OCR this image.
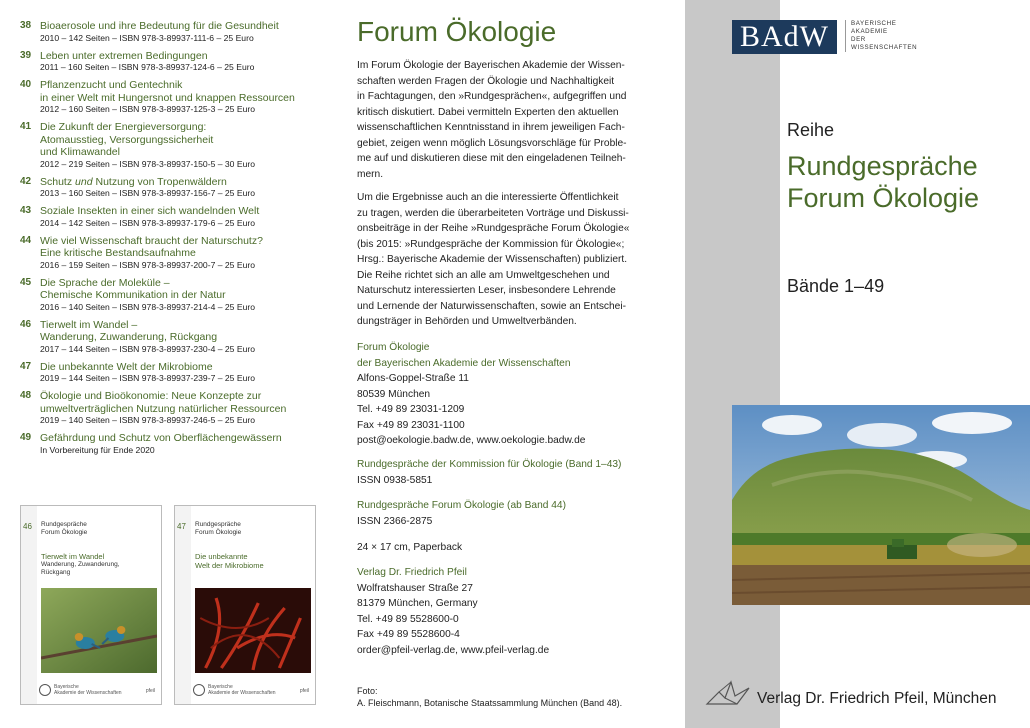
38 Bioaerosole und ihre Bedeutung für die Gesundheit
2010 – 142 Seiten – ISBN 978-3-89937-111-6 – 25 Euro
39 Leben unter extremen Bedingungen
2011 – 160 Seiten – ISBN 978-3-89937-124-6 – 25 Euro
40 Pflanzenzucht und Gentechnik
in einer Welt mit Hungersnot und knappen Ressourcen
2012 – 160 Seiten – ISBN 978-3-89937-125-3 – 25 Euro
41 Die Zukunft der Energieversorgung:
Atomausstieg, Versorgungssicherheit
und Klimawandel
2012 – 219 Seiten – ISBN 978-3-89937-150-5 – 30 Euro
42 Schutz und Nutzung von Tropenwäldern
2013 – 160 Seiten – ISBN 978-3-89937-156-7 – 25 Euro
43 Soziale Insekten in einer sich wandelnden Welt
2014 – 142 Seiten – ISBN 978-3-89937-179-6 – 25 Euro
44 Wie viel Wissenschaft braucht der Naturschutz?
Eine kritische Bestandsaufnahme
2016 – 159 Seiten – ISBN 978-3-89937-200-7 – 25 Euro
45 Die Sprache der Moleküle –
Chemische Kommunikation in der Natur
2016 – 140 Seiten – ISBN 978-3-89937-214-4 – 25 Euro
46 Tierwelt im Wandel –
Wanderung, Zuwanderung, Rückgang
2017 – 144 Seiten – ISBN 978-3-89937-230-4 – 25 Euro
47 Die unbekannte Welt der Mikrobiome
2019 – 144 Seiten – ISBN 978-3-89937-239-7 – 25 Euro
48 Ökologie und Bioökonomie: Neue Konzepte zur
umweltverträglichen Nutzung natürlicher Ressourcen
2019 – 140 Seiten – ISBN 978-3-89937-246-5 – 25 Euro
49 Gefährdung und Schutz von Oberflächengewässern
In Vorbereitung für Ende 2020
46 Rundgespräche
Forum Ökologie
Tierwelt im Wandel
Wanderung, Zuwanderung,
Rückgang
Bayerische
Akademie der Wissenschaften	pfeil
47 Rundgespräche
Forum Ökologie
Die unbekannte
Welt der Mikrobiome
Bayerische
Akademie der Wissenschaften	pfeil
Forum Ökologie
Im Forum Ökologie der Bayerischen Akademie der Wissen-
schaften werden Fragen der Ökologie und Nachhaltigkeit
in Fachtagungen, den »Rundgesprächen«, aufgegriffen und
kritisch diskutiert. Dabei vermitteln Experten den aktuellen
wissenschaftlichen Kenntnisstand in ihrem jeweiligen Fach-
gebiet, zeigen wenn möglich Lösungsvorschläge für Proble-
me auf und diskutieren diese mit den eingeladenen Teilneh-
mern.
Um die Ergebnisse auch an die interessierte Öffentlichkeit
zu tragen, werden die überarbeiteten Vorträge und Diskussi-
onsbeiträge in der Reihe »Rundgespräche Forum Ökologie«
(bis 2015: »Rundgespräche der Kommission für Ökologie«;
Hrsg.: Bayerische Akademie der Wissenschaften) publiziert.
Die Reihe richtet sich an alle am Umweltgeschehen und
Naturschutz interessierten Leser, insbesondere Lehrende
und Lernende der Naturwissenschaften, sowie an Entschei-
dungsträger in Behörden und Umweltverbänden.
Forum Ökologie
der Bayerischen Akademie der Wissenschaften
Alfons-Goppel-Straße 11
80539 München
Tel. +49 89 23031-1209
Fax +49 89 23031-1100
post@oekologie.badw.de, www.oekologie.badw.de
Rundgespräche der Kommission für Ökologie (Band 1–43)
ISSN 0938-5851
Rundgespräche Forum Ökologie (ab Band 44)
ISSN 2366-2875
24 × 17 cm, Paperback
Verlag Dr. Friedrich Pfeil
Wolfratshauser Straße 27
81379 München, Germany
Tel. +49 89 5528600-0
Fax +49 89 5528600-4
order@pfeil-verlag.de, www.pfeil-verlag.de
Foto:
A. Fleischmann, Botanische Staatssammlung München (Band 48).
BAdW	BAYERISCHE
AKADEMIE
DER
WISSENSCHAFTEN
Reihe
Rundgespräche
Forum Ökologie
Bände 1–49
Verlag Dr. Friedrich Pfeil, München
